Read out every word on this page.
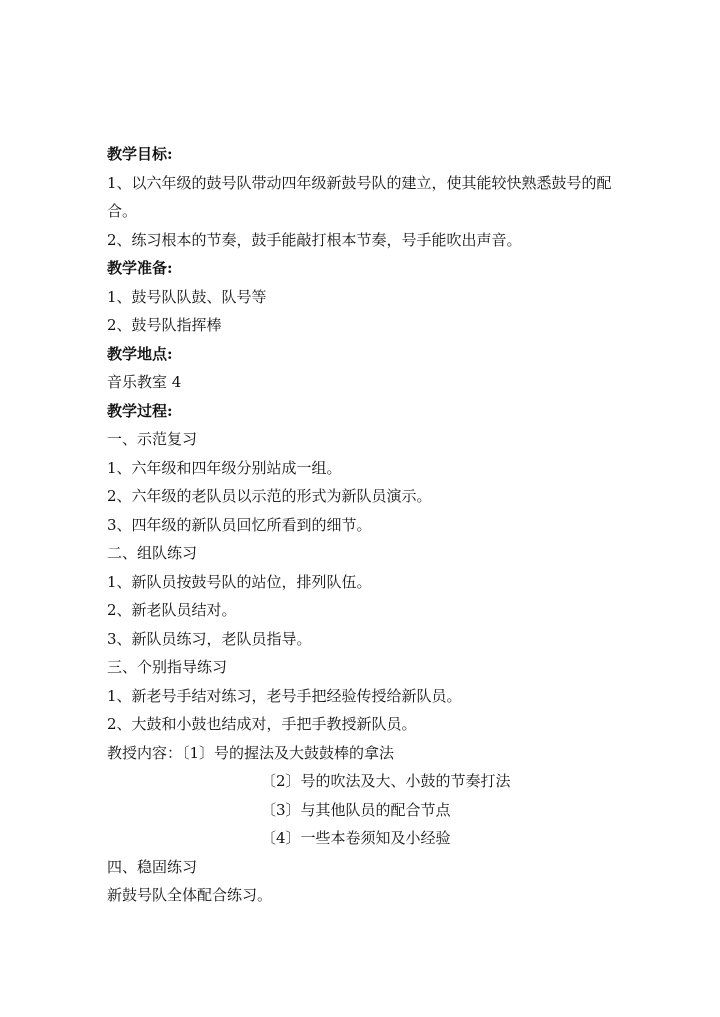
教学目标:

1、以六年级的鼓号队带动四年级新鼓号队的建立，使其能较快熟悉鼓号的配合。

2、练习根本的节奏，鼓手能敲打根本节奏，号手能吹出声音。

教学准备:

1、鼓号队队鼓、队号等

2、鼓号队指挥棒

教学地点:

音乐教室 4

教学过程:

一、示范复习

1、六年级和四年级分别站成一组。

2、六年级的老队员以示范的形式为新队员演示。

3、四年级的新队员回忆所看到的细节。

二、组队练习

1、新队员按鼓号队的站位，排列队伍。

2、新老队员结对。

3、新队员练习，老队员指导。

三、个别指导练习

1、新老号手结对练习，老号手把经验传授给新队员。

2、大鼓和小鼓也结成对，手把手教授新队员。

教授内容：〔1〕号的握法及大鼓鼓棒的拿法

〔2〕号的吹法及大、小鼓的节奏打法

〔3〕与其他队员的配合节点

〔4〕一些本卷须知及小经验

四、稳固练习

新鼓号队全体配合练习。
